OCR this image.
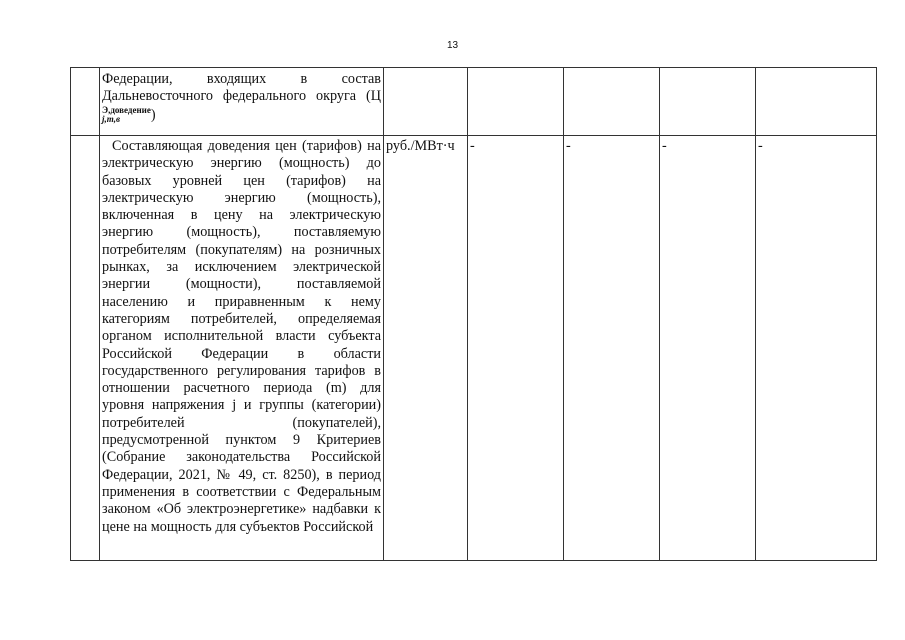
13

	Федерации, входящих в состав Дальневосточного федерального округа (Ц
Э,доведение
j,m,в )					

	Составляющая доведения цен (тарифов) на электрическую энергию (мощность) до базовых уровней цен (тарифов) на электрическую энергию (мощность), включенная в цену на электрическую энергию (мощность), поставляемую потребителям (покупателям) на розничных рынках, за исключением электрической энергии (мощности), поставляемой населению и приравненным к нему категориям потребителей, определяемая органом исполнительной власти субъекта Российской Федерации в области государственного регулирования тарифов в отношении расчетного периода (m) для уровня напряжения j и группы (категории) потребителей (покупателей), предусмотренной пунктом 9 Критериев (Собрание законодательства Российской Федерации, 2021, № 49, ст. 8250), в период применения в соответствии с Федеральным законом «Об электроэнергетике» надбавки к цене на мощность для субъектов Российской	руб./МВт·ч	-	-	-	-
